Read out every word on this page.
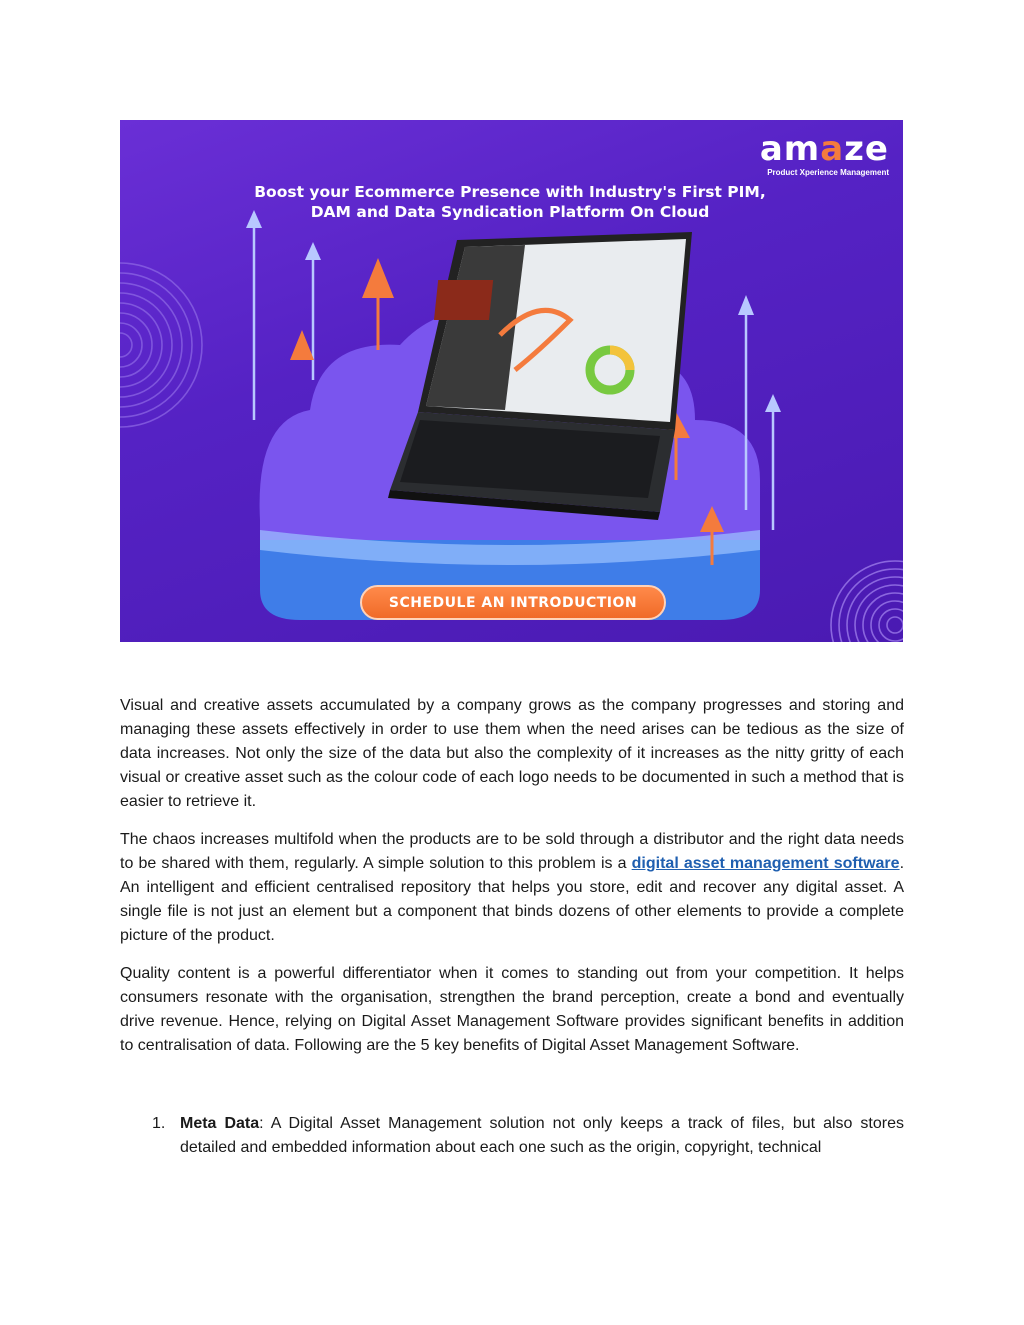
amaze
Product Xperience Management
Boost your Ecommerce Presence with Industry's First PIM,
DAM and Data Syndication Platform On Cloud
SCHEDULE AN INTRODUCTION

Visual and creative assets accumulated by a company grows as the company progresses and storing and managing these assets effectively in order to use them when the need arises can be tedious as the size of data increases. Not only the size of the data but also the complexity of it increases as the nitty gritty of each visual or creative asset such as the colour code of each logo needs to be documented in such a method that is easier to retrieve it.

The chaos increases multifold when the products are to be sold through a distributor and the right data needs to be shared with them, regularly. A simple solution to this problem is a digital asset management software. An intelligent and efficient centralised repository that helps you store, edit and recover any digital asset. A single file is not just an element but a component that binds dozens of other elements to provide a complete picture of the product.

Quality content is a powerful differentiator when it comes to standing out from your competition. It helps consumers resonate with the organisation, strengthen the brand perception, create a bond and eventually drive revenue. Hence, relying on Digital Asset Management Software provides significant benefits in addition to centralisation of data. Following are the 5 key benefits of Digital Asset Management Software.

1. Meta Data: A Digital Asset Management solution not only keeps a track of files, but also stores detailed and embedded information about each one such as the origin, copyright, technical
